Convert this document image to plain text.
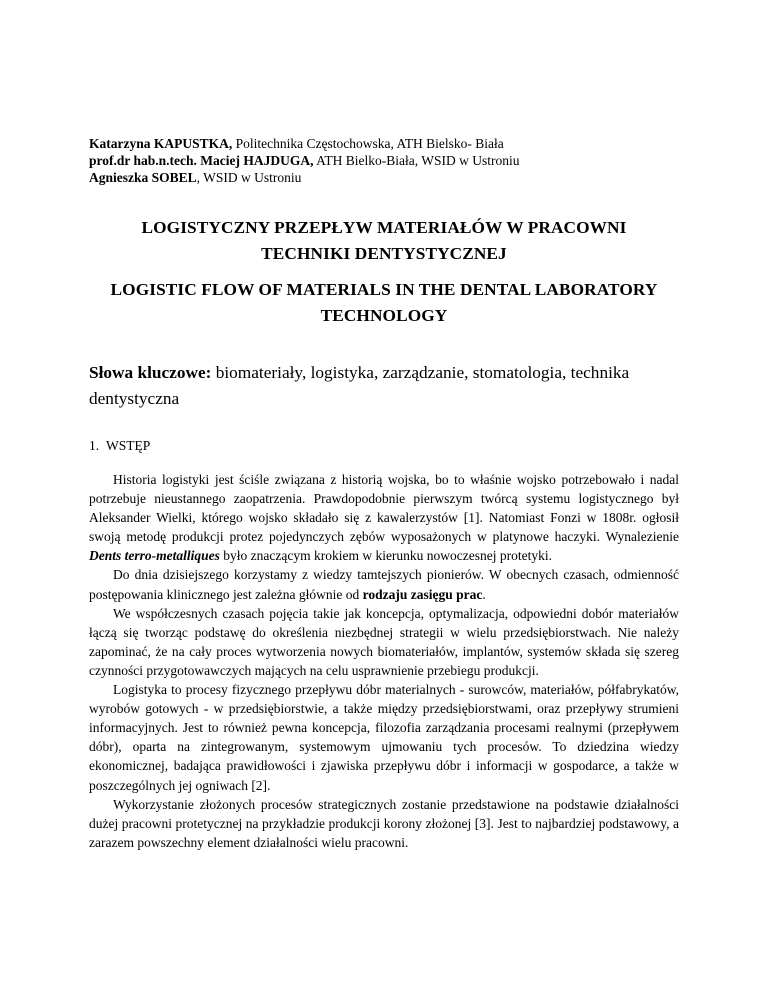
Katarzyna KAPUSTKA, Politechnika Częstochowska, ATH Bielsko- Biała
prof.dr hab.n.tech. Maciej HAJDUGA, ATH Bielko-Biała, WSID w Ustroniu
Agnieszka SOBEL, WSID w Ustroniu
LOGISTYCZNY PRZEPŁYW MATERIAŁÓW W PRACOWNI
TECHNIKI DENTYSTYCZNEJ
LOGISTIC FLOW OF MATERIALS IN THE DENTAL LABORATORY
TECHNOLOGY
Słowa kluczowe: biomateriały, logistyka, zarządzanie, stomatologia, technika dentystyczna
1. WSTĘP

Historia logistyki jest ściśle związana z historią wojska, bo to właśnie wojsko potrzebowało i nadal potrzebuje nieustannego zaopatrzenia. Prawdopodobnie pierwszym twórcą systemu logistycznego był Aleksander Wielki, którego wojsko składało się z kawalerzystów [1]. Natomiast Fonzi w 1808r. ogłosił swoją metodę produkcji protez pojedynczych zębów wyposażonych w platynowe haczyki. Wynalezienie Dents terro-metalliques było znaczącym krokiem w kierunku nowoczesnej protetyki.

Do dnia dzisiejszego korzystamy z wiedzy tamtejszych pionierów. W obecnych czasach, odmienność postępowania klinicznego jest zależna głównie od rodzaju zasięgu prac.

We współczesnych czasach pojęcia takie jak koncepcja, optymalizacja, odpowiedni dobór materiałów łączą się tworząc podstawę do określenia niezbędnej strategii w wielu przedsiębiorstwach. Nie należy zapominać, że na cały proces wytworzenia nowych biomateriałów, implantów, systemów składa się szereg czynności przygotowawczych mających na celu usprawnienie przebiegu produkcji.

Logistyka to procesy fizycznego przepływu dóbr materialnych - surowców, materiałów, półfabrykatów, wyrobów gotowych - w przedsiębiorstwie, a także między przedsiębiorstwami, oraz przepływy strumieni informacyjnych. Jest to również pewna koncepcja, filozofia zarządzania procesami realnymi (przepływem dóbr), oparta na zintegrowanym, systemowym ujmowaniu tych procesów. To dziedzina wiedzy ekonomicznej, badająca prawidłowości i zjawiska przepływu dóbr i informacji w gospodarce, a także w poszczególnych jej ogniwach [2].

Wykorzystanie złożonych procesów strategicznych zostanie przedstawione na podstawie działalności dużej pracowni protetycznej na przykładzie produkcji korony złożonej [3]. Jest to najbardziej podstawowy, a zarazem powszechny element działalności wielu pracowni.
